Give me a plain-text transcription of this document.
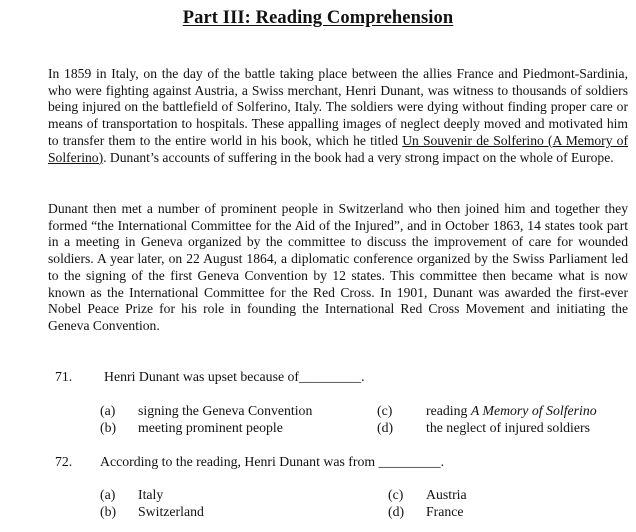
Part III: Reading Comprehension

In 1859 in Italy, on the day of the battle taking place between the allies France and Piedmont-Sardinia, who were fighting against Austria, a Swiss merchant, Henri Dunant, was witness to thousands of soldiers being injured on the battlefield of Solferino, Italy. The soldiers were dying without finding proper care or means of transportation to hospitals. These appalling images of neglect deeply moved and motivated him to transfer them to the entire world in his book, which he titled Un Souvenir de Solferino (A Memory of Solferino). Dunant’s accounts of suffering in the book had a very strong impact on the whole of Europe.

Dunant then met a number of prominent people in Switzerland who then joined him and together they formed “the International Committee for the Aid of the Injured”, and in October 1863, 14 states took part in a meeting in Geneva organized by the committee to discuss the improvement of care for wounded soldiers. A year later, on 22 August 1864, a diplomatic conference organized by the Swiss Parliament led to the signing of the first Geneva Convention by 12 states. This committee then became what is now known as the International Committee for the Red Cross. In 1901, Dunant was awarded the first-ever Nobel Peace Prize for his role in founding the International Red Cross Movement and initiating the Geneva Convention.

71. Henri Dunant was upset because of_________.
(a) signing the Geneva Convention
(b) meeting prominent people
(c) reading A Memory of Solferino
(d) the neglect of injured soldiers
72. According to the reading, Henri Dunant was from _________.
(a) Italy
(b) Switzerland
(c) Austria
(d) France
